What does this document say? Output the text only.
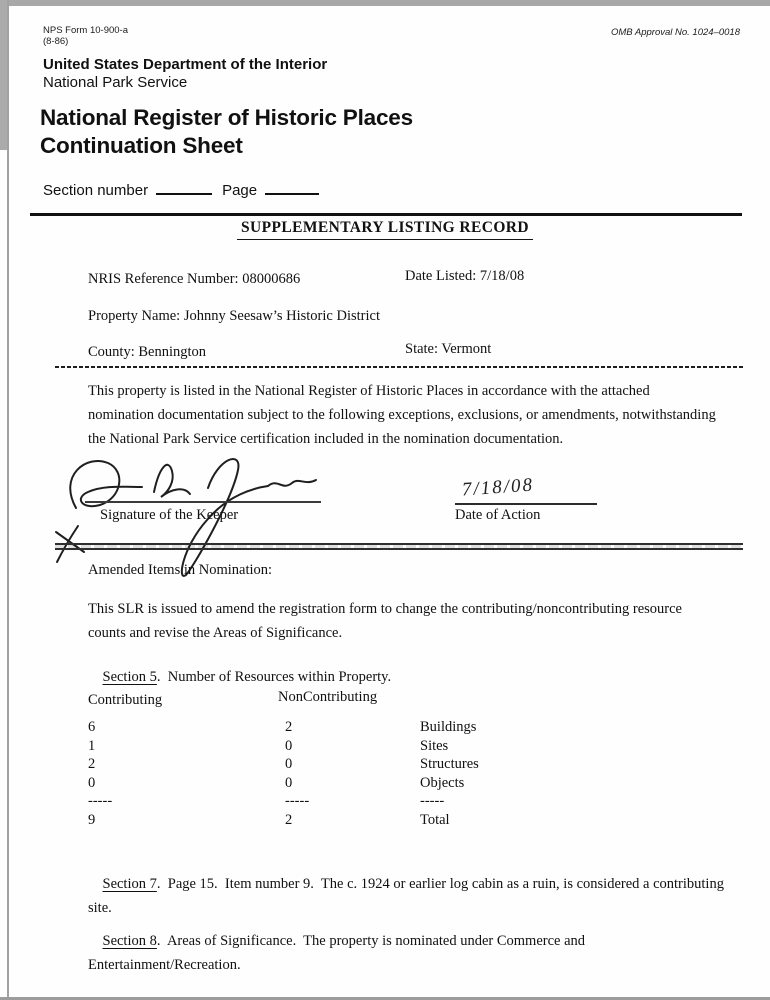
NPS Form 10-900-a
(8-86)
OMB Approval No. 1024–0018
United States Department of the Interior
National Park Service
National Register of Historic Places
Continuation Sheet
Section number	Page
SUPPLEMENTARY LISTING RECORD
NRIS Reference Number: 08000686	Date Listed: 7/18/08
Property Name: Johnny Seesaw’s Historic District
County: Bennington	State: Vermont
This property is listed in the National Register of Historic Places in accordance with the attached nomination documentation subject to the following exceptions, exclusions, or amendments, notwithstanding the National Park Service certification included in the nomination documentation.
Signature of the Keeper
7/18/08
Date of Action
Amended Items in Nomination:
This SLR is issued to amend the registration form to change the contributing/noncontributing resource counts and revise the Areas of Significance.

Section 5.  Number of Resources within Property.

Contributing	NonContributing
6	2	Buildings
1	0	Sites
2	0	Structures
0	0	Objects
-----	-----	-----
9	2	Total

Section 7.  Page 15.  Item number 9.  The c. 1924 or earlier log cabin as a ruin, is considered a contributing site.

Section 8.  Areas of Significance.  The property is nominated under Commerce and Entertainment/Recreation.
